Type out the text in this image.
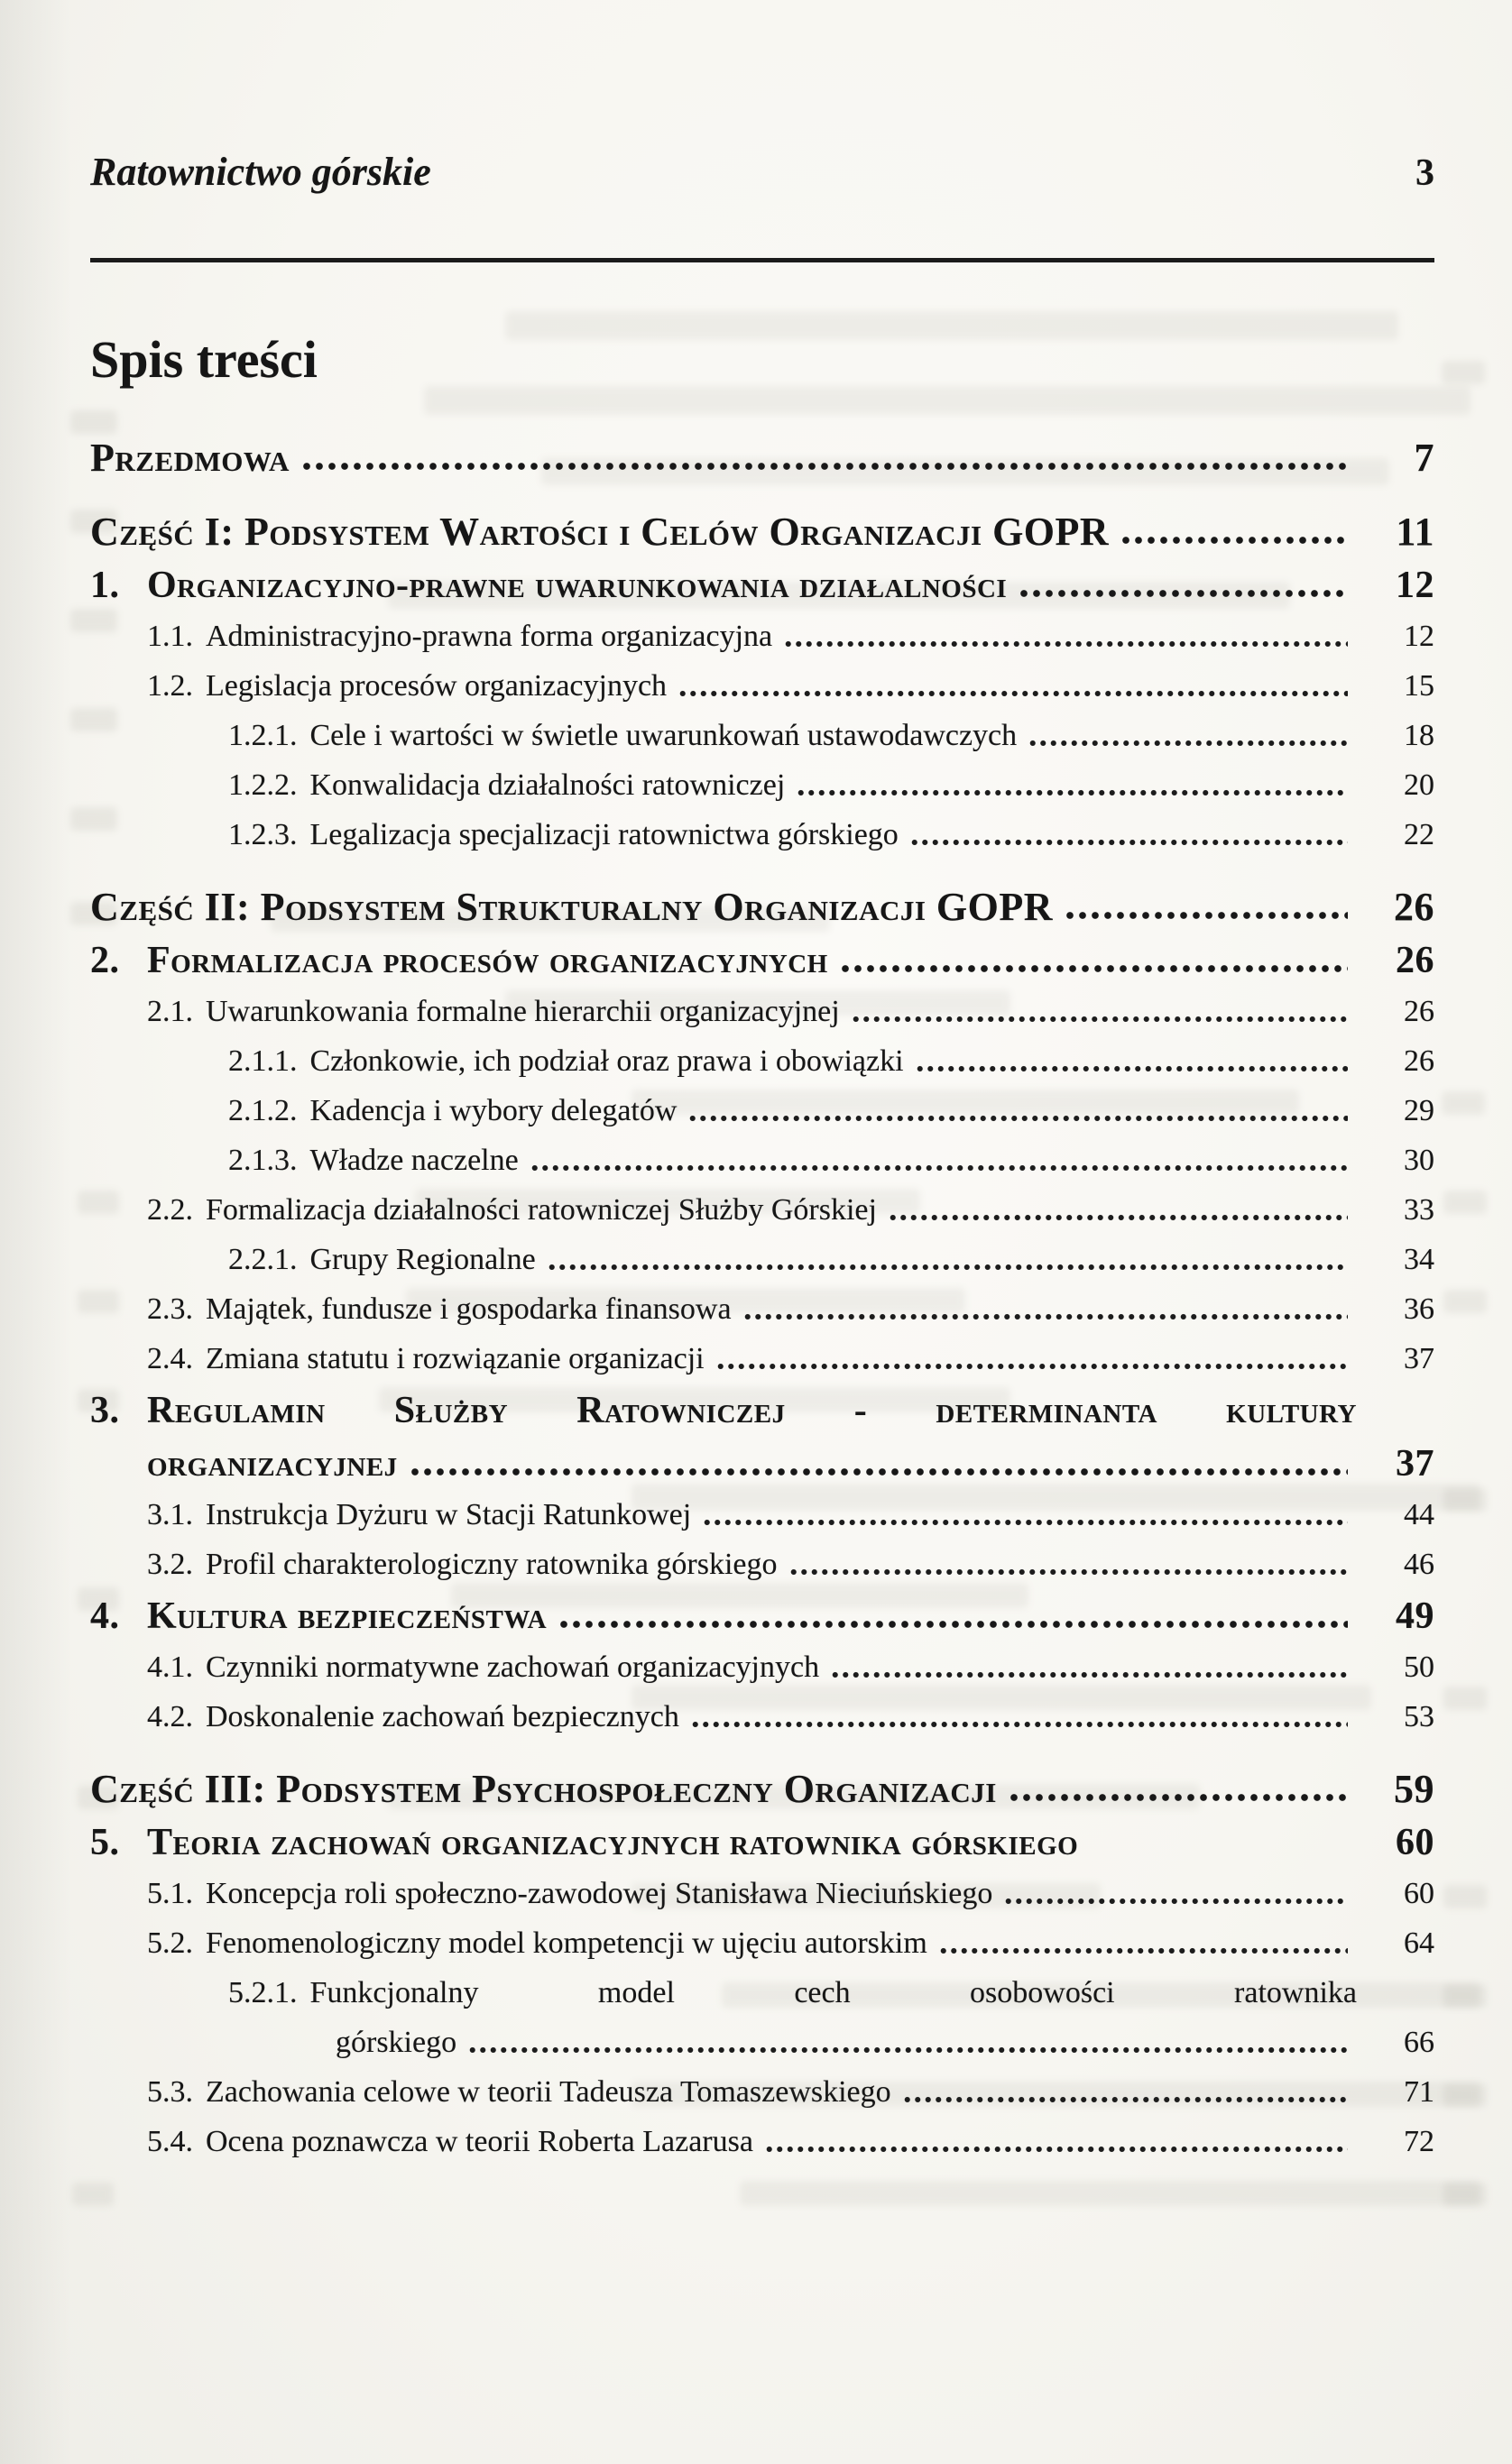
Ratownictwo górskie	3
Spis treści
Przedmowa	7
Część I: Podsystem Wartości i Celów Organizacji GOPR	11
1. Organizacyjno-prawne uwarunkowania działalności	12
1.1. Administracyjno-prawna forma organizacyjna	12
1.2. Legislacja procesów organizacyjnych	15
1.2.1. Cele i wartości w świetle uwarunkowań ustawodawczych	18
1.2.2. Konwalidacja działalności ratowniczej	20
1.2.3. Legalizacja specjalizacji ratownictwa górskiego	22
Część II: Podsystem Strukturalny Organizacji GOPR	26
2. Formalizacja procesów organizacyjnych	26
2.1. Uwarunkowania formalne hierarchii organizacyjnej	26
2.1.1. Członkowie, ich podział oraz prawa i obowiązki	26
2.1.2. Kadencja i wybory delegatów	29
2.1.3. Władze naczelne	30
2.2. Formalizacja działalności ratowniczej Służby Górskiej	33
2.2.1. Grupy Regionalne	34
2.3. Majątek, fundusze i gospodarka finansowa	36
2.4. Zmiana statutu i rozwiązanie organizacji	37
3. Regulamin Służby Ratowniczej - determinanta kultury
organizacyjnej	37
3.1. Instrukcja Dyżuru w Stacji Ratunkowej	44
3.2. Profil charakterologiczny ratownika górskiego	46
4. Kultura bezpieczeństwa	49
4.1. Czynniki normatywne zachowań organizacyjnych	50
4.2. Doskonalenie zachowań bezpiecznych	53
Część III: Podsystem Psychospołeczny Organizacji	59
5. Teoria zachowań organizacyjnych ratownika górskiego	60
5.1. Koncepcja roli społeczno-zawodowej Stanisława Nieciuńskiego	60
5.2. Fenomenologiczny model kompetencji w ujęciu autorskim	64
5.2.1. Funkcjonalny model cech osobowości ratownika
górskiego	66
5.3. Zachowania celowe w teorii Tadeusza Tomaszewskiego	71
5.4. Ocena poznawcza w teorii Roberta Lazarusa	72
